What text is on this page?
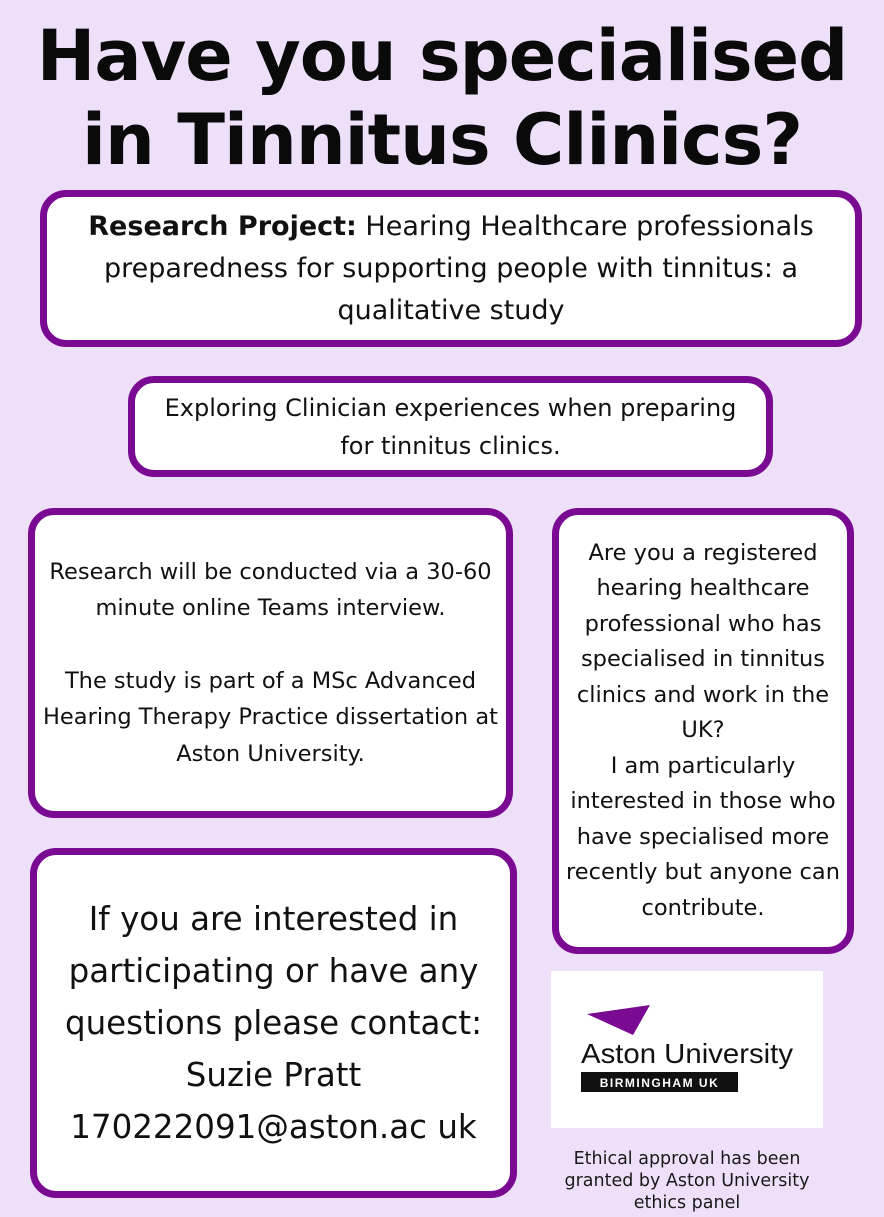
Have you specialised
in Tinnitus Clinics?
Research Project: Hearing Healthcare professionals preparedness for supporting people with tinnitus: a qualitative study
Exploring Clinician experiences when preparing for tinnitus clinics.

Research will be conducted via a 30-60 minute online Teams interview.

The study is part of a MSc Advanced Hearing Therapy Practice dissertation at Aston University.

Are you a registered hearing healthcare professional who has specialised in tinnitus clinics and work in the UK?

I am particularly interested in those who have specialised more recently but anyone can contribute.

If you are interested in

participating or have any

questions please contact:

Suzie Pratt

170222091@aston.ac uk

Aston University
BIRMINGHAM UK
Ethical approval has been granted by Aston University ethics panel
